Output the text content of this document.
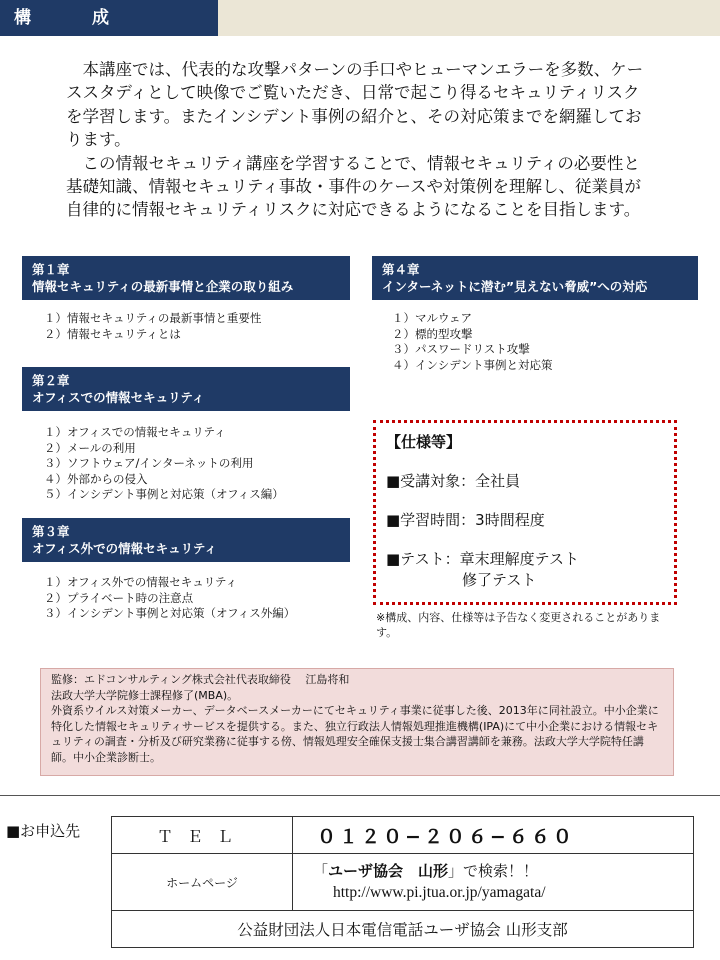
構　成

本講座では、代表的な攻撃パターンの手口やヒューマンエラーを多数、ケーススタディとして映像でご覧いただき、日常で起こり得るセキュリティリスクを学習します。またインシデント事例の紹介と、その対応策までを網羅しております。

この情報セキュリティ講座を学習することで、情報セキュリティの必要性と基礎知識、情報セキュリティ事故・事件のケースや対策例を理解し、従業員が自律的に情報セキュリティリスクに対応できるようになることを目指します。

第１章
情報セキュリティの最新事情と企業の取り組み
１）情報セキュリティの最新事情と重要性
２）情報セキュリティとは
第２章
オフィスでの情報セキュリティ
１）オフィスでの情報セキュリティ
２）メールの利用
３）ソフトウェア/インターネットの利用
４）外部からの侵入
５）インシデント事例と対応策（オフィス編）
第３章
オフィス外での情報セキュリティ
１）オフィス外での情報セキュリティ
２）プライベート時の注意点
３）インシデント事例と対応策（オフィス外編）
第４章
インターネットに潜む”見えない脅威”への対応
１）マルウェア
２）標的型攻撃
３）パスワードリスト攻撃
４）インシデント事例と対応策
【仕様等】
■受講対象：全社員
■学習時間：3時間程度
■テスト：章末理解度テスト
修了テスト
※構成、内容、仕様等は予告なく変更されることがあります。

監修：エドコンサルティング株式会社代表取締役　 江島将和

法政大学大学院修士課程修了(MBA)。

外資系ウイルス対策メーカー、データベースメーカーにてセキュリティ事業に従事した後、2013年に同社設立。中小企業に特化した情報セキュリティサービスを提供する。また、独立行政法人情報処理推進機構(IPA)にて中小企業における情報セキュリティの調査・分析及び研究業務に従事する傍、情報処理安全確保支援士集合講習講師を兼務。法政大学大学院特任講師。中小企業診断士。

■お申込先	ＴＥＬ	０１２０−２０６−６６０
ホームページ	「ユーザ協会　山形」で検索！！
http://www.pi.jtua.or.jp/yamagata/

公益財団法人日本電信電話ユーザ協会 山形支部	
